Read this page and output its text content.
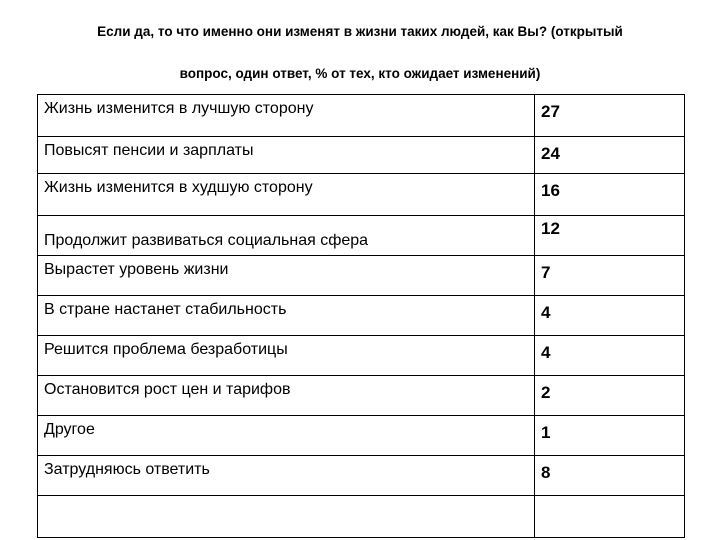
Если да, то что именно они изменят в жизни таких людей, как Вы? (открытый
вопрос, один ответ, % от тех, кто ожидает изменений)
Жизнь изменится в лучшую сторону	27
Повысят пенсии и зарплаты	24
Жизнь изменится в худшую сторону	16
Продолжит развиваться социальная сфера	12
Вырастет уровень жизни	7
В стране настанет стабильность	4
Решится проблема безработицы	4
Остановится рост цен и тарифов	2
Другое	1
Затрудняюсь ответить	8
